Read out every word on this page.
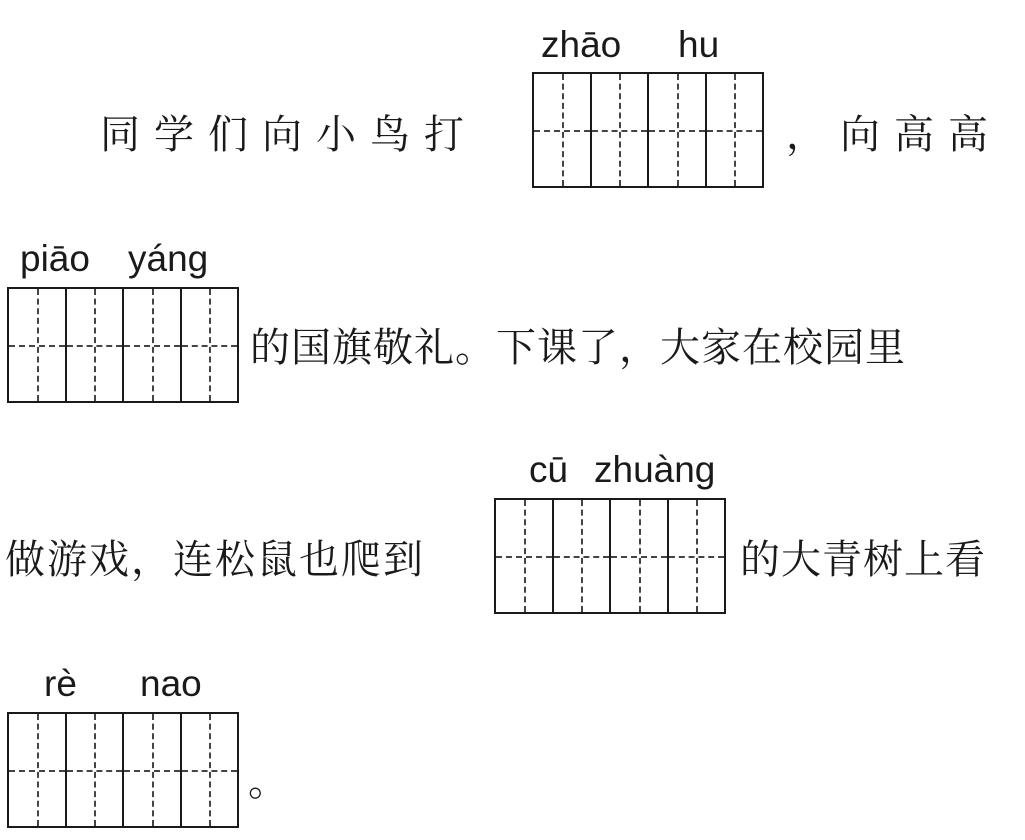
zhāo hu
同学们向小鸟打	，向高高
piāo yáng
的国旗敬礼。下课了，大家在校园里
cū zhuàng
做游戏，连松鼠也爬到	的大青树上看
rè nao
。
